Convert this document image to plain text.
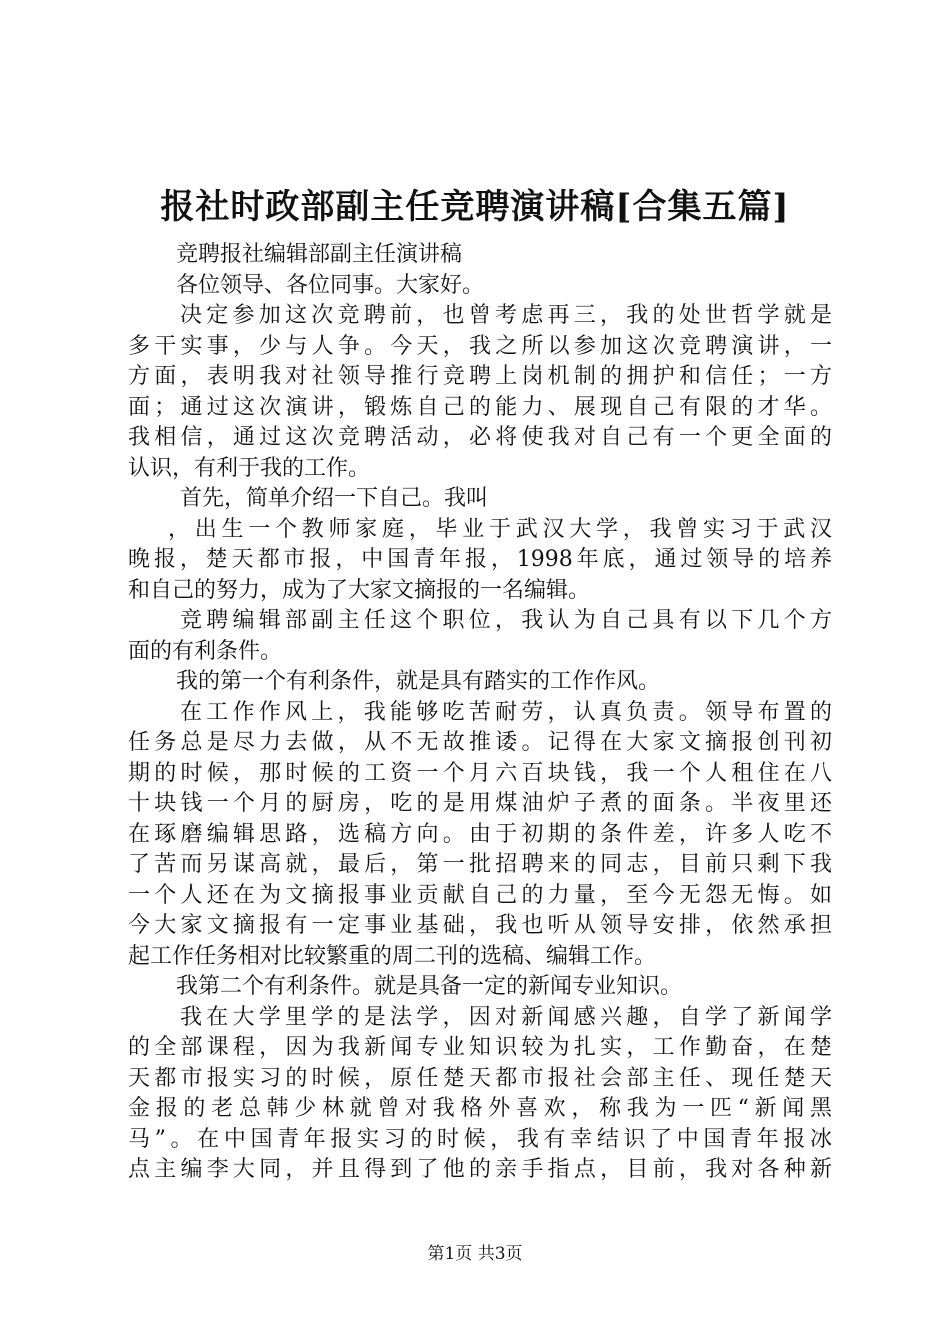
报社时政部副主任竞聘演讲稿[合集五篇]
竞聘报社编辑部副主任演讲稿
各位领导、各位同事。大家好。
决定参加这次竞聘前，也曾考虑再三，我的处世哲学就是
多干实事，少与人争。今天，我之所以参加这次竞聘演讲，一
方面，表明我对社领导推行竞聘上岗机制的拥护和信任；一方
面；通过这次演讲，锻炼自己的能力、展现自己有限的才华。
我相信，通过这次竞聘活动，必将使我对自己有一个更全面的
认识，有利于我的工作。
首先，简单介绍一下自己。我叫
，出生一个教师家庭，毕业于武汉大学，我曾实习于武汉
晚报，楚天都市报，中国青年报，1998年底，通过领导的培养
和自己的努力，成为了大家文摘报的一名编辑。
竞聘编辑部副主任这个职位，我认为自己具有以下几个方
面的有利条件。
我的第一个有利条件，就是具有踏实的工作作风。
在工作作风上，我能够吃苦耐劳，认真负责。领导布置的
任务总是尽力去做，从不无故推诿。记得在大家文摘报创刊初
期的时候，那时候的工资一个月六百块钱，我一个人租住在八
十块钱一个月的厨房，吃的是用煤油炉子煮的面条。半夜里还
在琢磨编辑思路，选稿方向。由于初期的条件差，许多人吃不
了苦而另谋高就，最后，第一批招聘来的同志，目前只剩下我
一个人还在为文摘报事业贡献自己的力量，至今无怨无悔。如
今大家文摘报有一定事业基础，我也听从领导安排，依然承担
起工作任务相对比较繁重的周二刊的选稿、编辑工作。
我第二个有利条件。就是具备一定的新闻专业知识。
我在大学里学的是法学，因对新闻感兴趣，自学了新闻学
的全部课程，因为我新闻专业知识较为扎实，工作勤奋，在楚
天都市报实习的时候，原任楚天都市报社会部主任、现任楚天
金报的老总韩少林就曾对我格外喜欢，称我为一匹“新闻黑
马”。在中国青年报实习的时候，我有幸结识了中国青年报冰
点主编李大同，并且得到了他的亲手指点，目前，我对各种新
第1页 共3页
